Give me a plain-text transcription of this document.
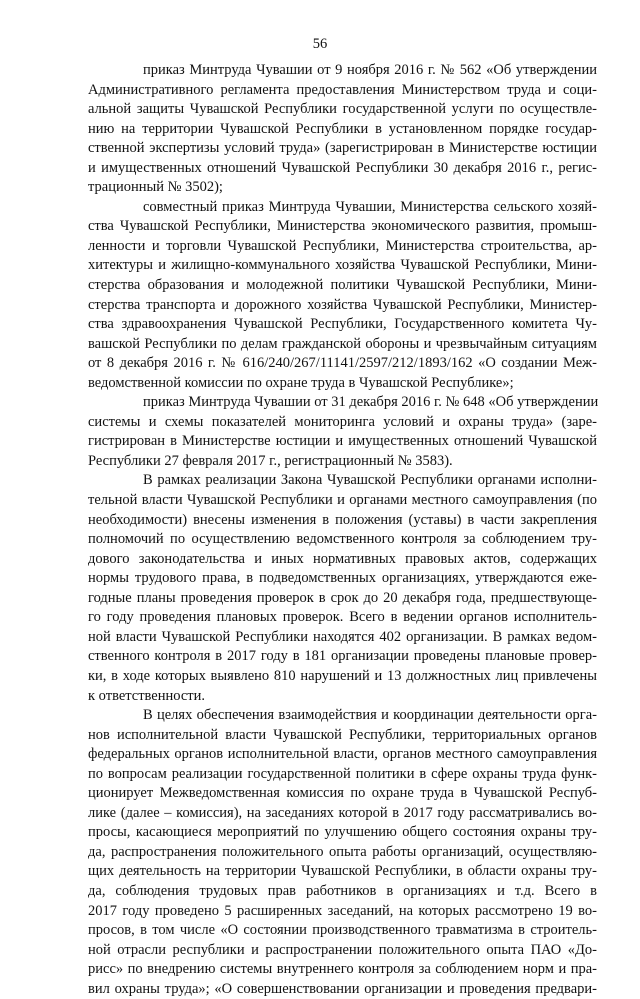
56
приказ Минтруда Чувашии от 9 ноября 2016 г. № 562 «Об утверждении
Административного регламента предоставления Министерством труда и соци-
альной защиты Чувашской Республики государственной услуги по осуществле-
нию на территории Чувашской Республики в установленном порядке государ-
ственной экспертизы условий труда» (зарегистрирован в Министерстве юстиции
и имущественных отношений Чувашской Республики 30 декабря 2016 г., регис-
трационный № 3502);
совместный приказ Минтруда Чувашии, Министерства сельского хозяй-
ства Чувашской Республики, Министерства экономического развития, промыш-
ленности и торговли Чувашской Республики, Министерства строительства, ар-
хитектуры и жилищно-коммунального хозяйства Чувашской Республики, Мини-
стерства образования и молодежной политики Чувашской Республики, Мини-
стерства транспорта и дорожного хозяйства Чувашской Республики, Министер-
ства здравоохранения Чувашской Республики, Государственного комитета Чу-
вашской Республики по делам гражданской обороны и чрезвычайным ситуациям
от 8 декабря 2016 г. № 616/240/267/11141/2597/212/1893/162 «О создании Меж-
ведомственной комиссии по охране труда в Чувашской Республике»;
приказ Минтруда Чувашии от 31 декабря 2016 г. № 648 «Об утверждении
системы и схемы показателей мониторинга условий и охраны труда» (заре-
гистрирован в Министерстве юстиции и имущественных отношений Чувашской
Республики 27 февраля 2017 г., регистрационный № 3583).
В рамках реализации Закона Чувашской Республики органами исполни-
тельной власти Чувашской Республики и органами местного самоуправления (по
необходимости) внесены изменения в положения (уставы) в части закрепления
полномочий по осуществлению ведомственного контроля за соблюдением тру-
дового законодательства и иных нормативных правовых актов, содержащих
нормы трудового права, в подведомственных организациях, утверждаются еже-
годные планы проведения проверок в срок до 20 декабря года, предшествующе-
го году проведения плановых проверок. Всего в ведении органов исполнитель-
ной власти Чувашской Республики находятся 402 организации. В рамках ведом-
ственного контроля в 2017 году в 181 организации проведены плановые провер-
ки, в ходе которых выявлено 810 нарушений и 13 должностных лиц привлечены
к ответственности.
В целях обеспечения взаимодействия и координации деятельности орга-
нов исполнительной власти Чувашской Республики, территориальных органов
федеральных органов исполнительной власти, органов местного самоуправления
по вопросам реализации государственной политики в сфере охраны труда функ-
ционирует Межведомственная комиссия по охране труда в Чувашской Респуб-
лике (далее – комиссия), на заседаниях которой в 2017 году рассматривались во-
просы, касающиеся мероприятий по улучшению общего состояния охраны тру-
да, распространения положительного опыта работы организаций, осуществляю-
щих деятельность на территории Чувашской Республики, в области охраны тру-
да, соблюдения трудовых прав работников в организациях и т.д. Всего в
2017 году проведено 5 расширенных заседаний, на которых рассмотрено 19 во-
просов, в том числе «О состоянии производственного травматизма в строитель-
ной отрасли республики и распространении положительного опыта ПАО «До-
рисс» по внедрению системы внутреннего контроля за соблюдением норм и пра-
вил охраны труда»; «О совершенствовании организации и проведения предвари-
